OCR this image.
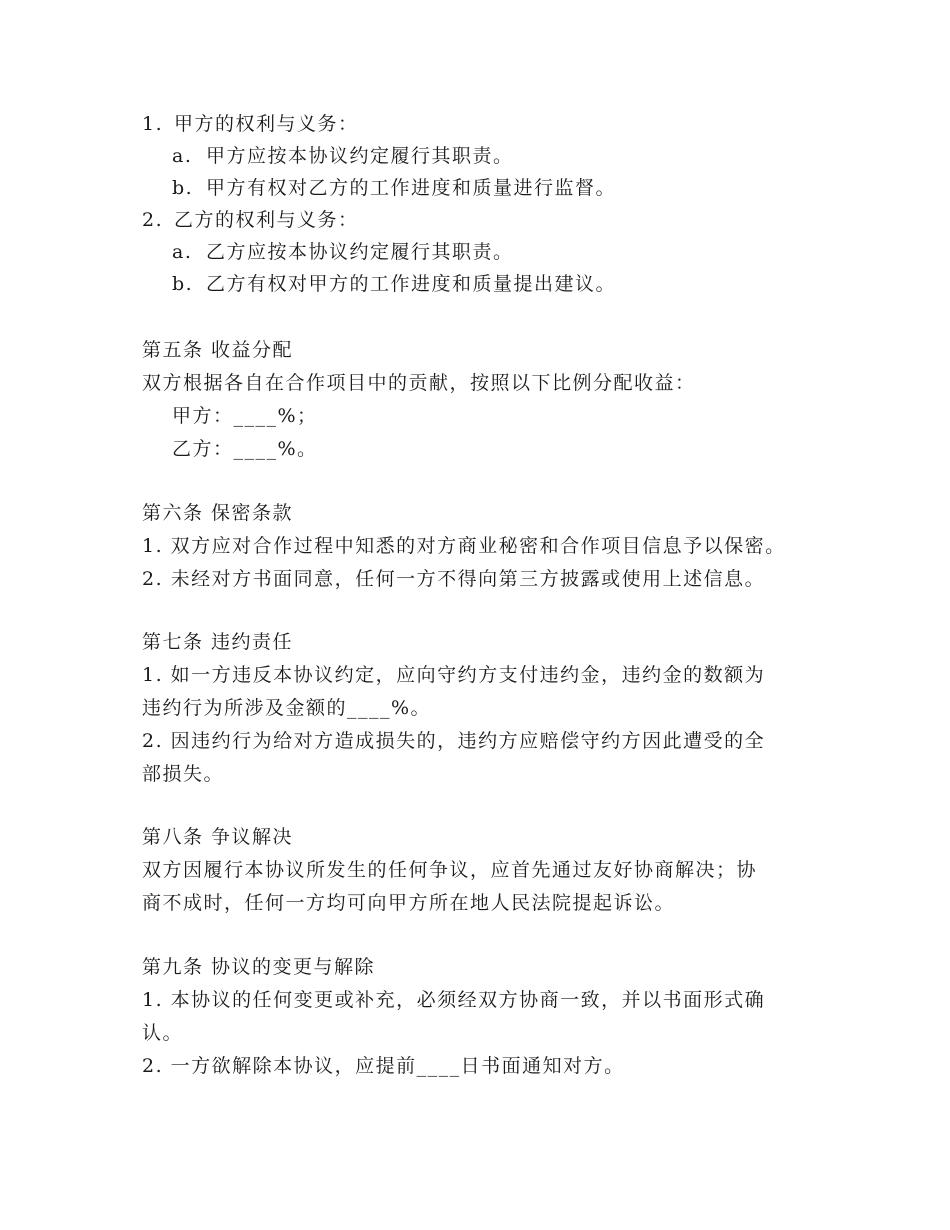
1. 甲方的权利与义务：
a. 甲方应按本协议约定履行其职责。
b. 甲方有权对乙方的工作进度和质量进行监督。
2. 乙方的权利与义务：
a. 乙方应按本协议约定履行其职责。
b. 乙方有权对甲方的工作进度和质量提出建议。
第五条 收益分配
双方根据各自在合作项目中的贡献，按照以下比例分配收益：
甲方：____%；
乙方：____%。
第六条 保密条款
1. 双方应对合作过程中知悉的对方商业秘密和合作项目信息予以保密。
2. 未经对方书面同意，任何一方不得向第三方披露或使用上述信息。
第七条 违约责任
1. 如一方违反本协议约定，应向守约方支付违约金，违约金的数额为
违约行为所涉及金额的____%。
2. 因违约行为给对方造成损失的，违约方应赔偿守约方因此遭受的全
部损失。
第八条 争议解决
双方因履行本协议所发生的任何争议，应首先通过友好协商解决；协
商不成时，任何一方均可向甲方所在地人民法院提起诉讼。
第九条 协议的变更与解除
1. 本协议的任何变更或补充，必须经双方协商一致，并以书面形式确
认。
2. 一方欲解除本协议，应提前____日书面通知对方。
